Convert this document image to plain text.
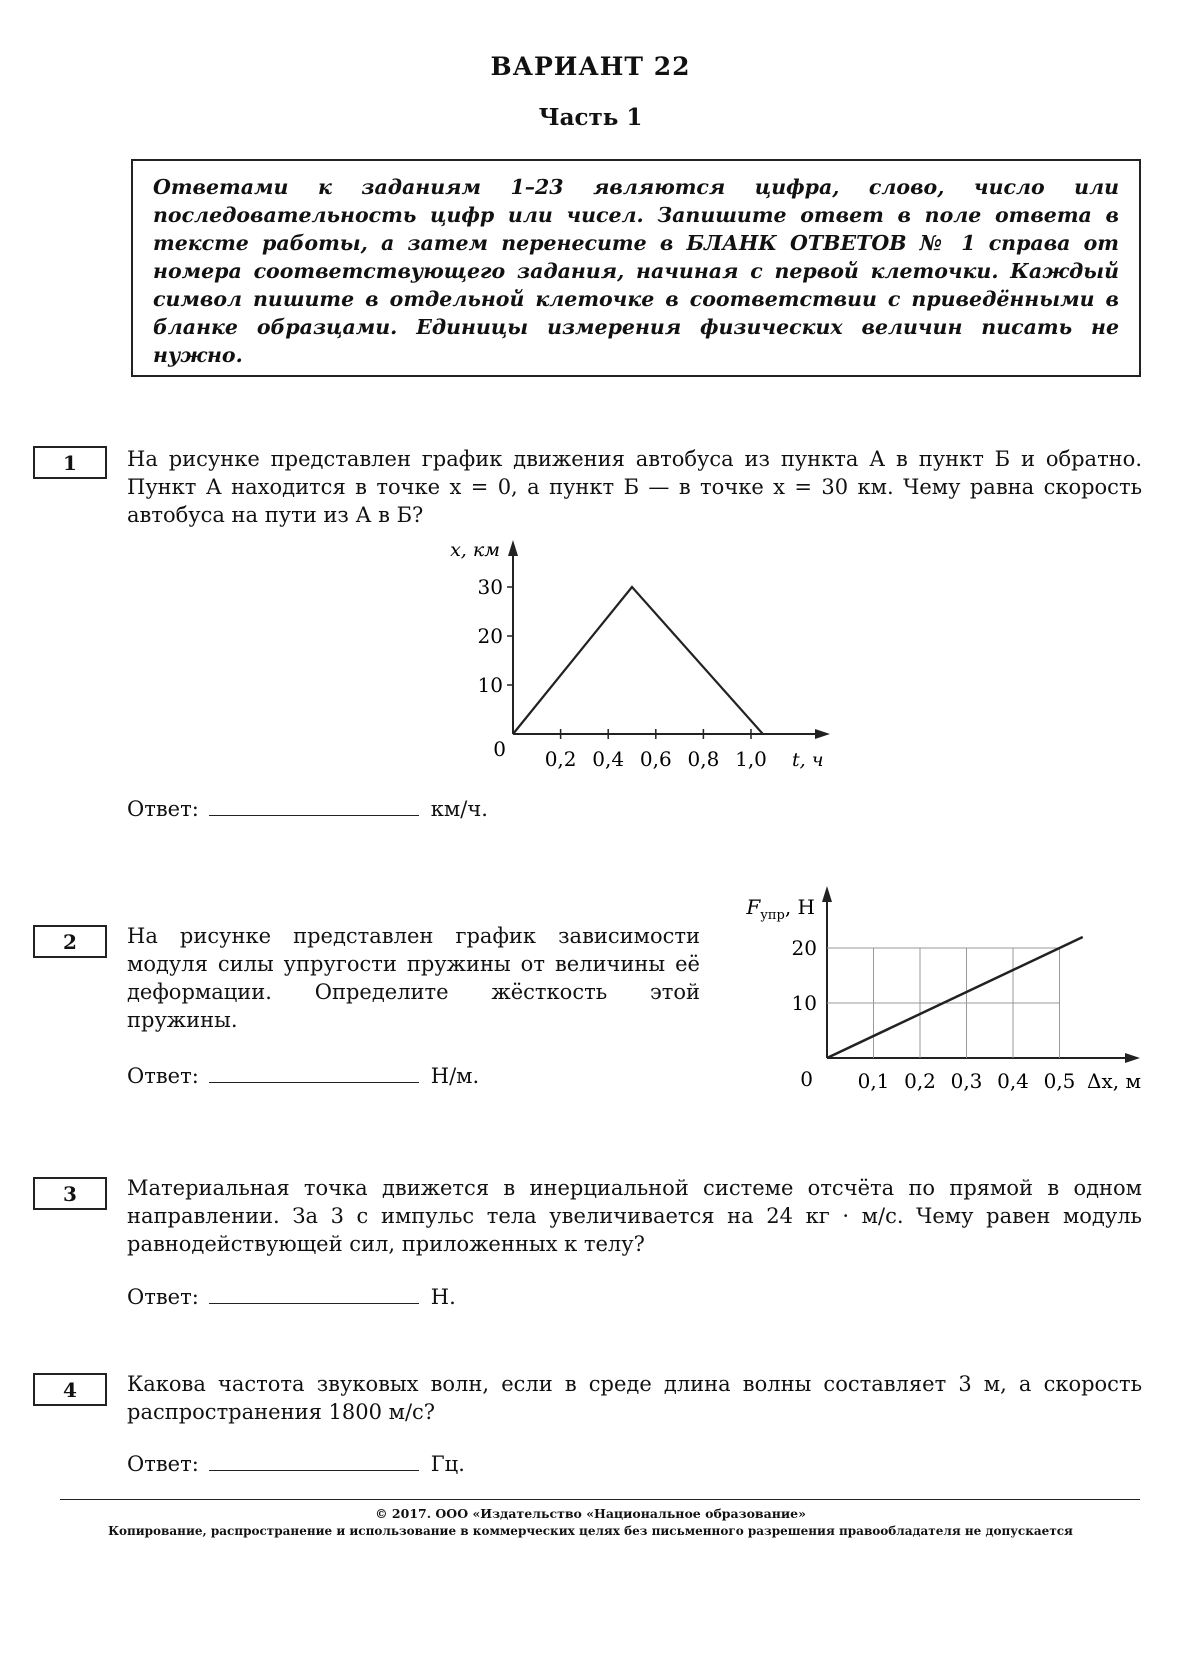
ВАРИАНТ 22
Часть 1
Ответами к заданиям 1–23 являются цифра, слово, число или последовательность цифр или чисел. Запишите ответ в поле ответа в тексте работы, а затем перенесите в БЛАНК ОТВЕТОВ № 1 справа от номера соответствующего задания, начиная с первой клеточки. Каждый символ пишите в отдельной клеточке в соответствии с приведёнными в бланке образцами. Единицы измерения физических величин писать не нужно.
1	На рисунке представлен график движения автобуса из пункта А в пункт Б и обратно. Пункт А находится в точке x = 0, а пункт Б — в точке x = 30 км. Чему равна скорость автобуса на пути из А в Б?
x, км
0
10
20
30
0,2 0,4 0,6 0,8 1,0 t, ч
Ответ:	км/ч.
2	На рисунке представлен график зависимости модуля силы упругости пружины от величины её деформации. Определите жёсткость этой пружины.
$F_{упр}$, Н
0
10
20
0,1 0,2 0,3 0,4 0,5 Δx, м
Ответ:	Н/м.
3	Материальная точка движется в инерциальной системе отсчёта по прямой в одном направлении. За 3 с импульс тела увеличивается на 24 кг · м/с. Чему равен модуль равнодействующей сил, приложенных к телу?
Ответ:	Н.
4	Какова частота звуковых волн, если в среде длина волны составляет 3 м, а скорость распространения 1800 м/с?
Ответ:	Гц.
© 2017. ООО «Издательство «Национальное образование»
Копирование, распространение и использование в коммерческих целях без письменного разрешения правообладателя не допускается
